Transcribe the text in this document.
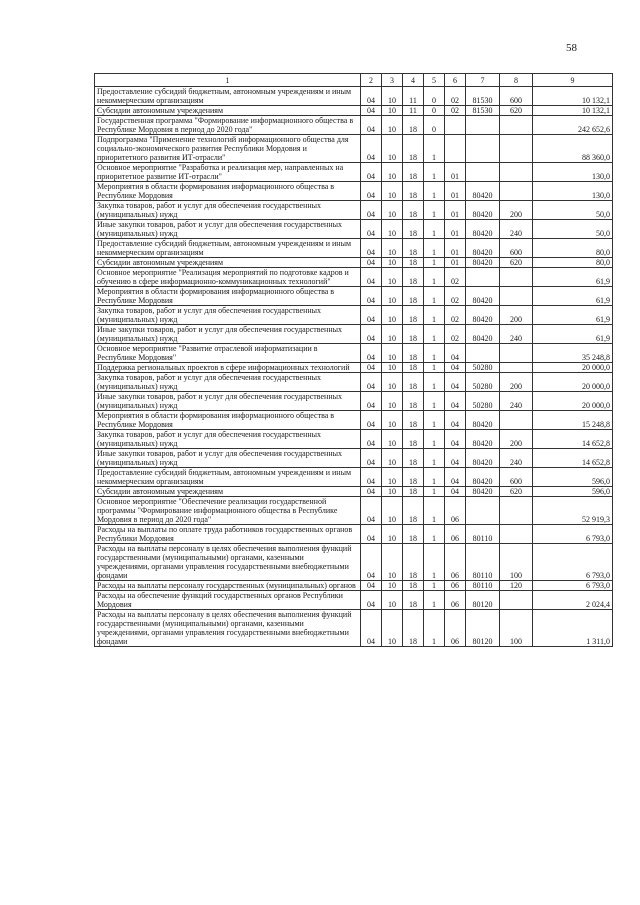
58
1	2	3	4	5	6	7	8	9
Предоставление субсидий бюджетным, автономным учреждениям и иным некоммерческим организациям	04	10	11	0	02	81530	600	10 132,1
Субсидии автономным учреждениям	04	10	11	0	02	81530	620	10 132,1
Государственная программа "Формирование информационного общества в Республике Мордовия в период до 2020 года"	04	10	18	0				242 652,6
Подпрограмма "Применение технологий информационного общества для социально-экономического развития Республики Мордовия и приоритетного развития ИТ-отрасли"	04	10	18	1				88 360,0
Основное мероприятие "Разработка и реализация мер, направленных на приоритетное развитие ИТ-отрасли"	04	10	18	1	01			130,0
Мероприятия в области формирования информационного общества в Республике Мордовия	04	10	18	1	01	80420		130,0
Закупка товаров, работ и услуг для обеспечения государственных (муниципальных) нужд	04	10	18	1	01	80420	200	50,0
Иные закупки товаров, работ и услуг для обеспечения государственных (муниципальных) нужд	04	10	18	1	01	80420	240	50,0
Предоставление субсидий бюджетным, автономным учреждениям и иным некоммерческим организациям	04	10	18	1	01	80420	600	80,0
Субсидии автономным учреждениям	04	10	18	1	01	80420	620	80,0
Основное мероприятие "Реализация мероприятий по подготовке кадров и обучению в сфере информационно-коммуникационных технологий"	04	10	18	1	02			61,9
Мероприятия в области формирования информационного общества в Республике Мордовия	04	10	18	1	02	80420		61,9
Закупка товаров, работ и услуг для обеспечения государственных (муниципальных) нужд	04	10	18	1	02	80420	200	61,9
Иные закупки товаров, работ и услуг для обеспечения государственных (муниципальных) нужд	04	10	18	1	02	80420	240	61,9
Основное мероприятие "Развитие отраслевой информатизации в Республике Мордовия"	04	10	18	1	04			35 248,8
Поддержка региональных проектов в сфере информационных технологий	04	10	18	1	04	50280		20 000,0
Закупка товаров, работ и услуг для обеспечения государственных (муниципальных) нужд	04	10	18	1	04	50280	200	20 000,0
Иные закупки товаров, работ и услуг для обеспечения государственных (муниципальных) нужд	04	10	18	1	04	50280	240	20 000,0
Мероприятия в области формирования информационного общества в Республике Мордовия	04	10	18	1	04	80420		15 248,8
Закупка товаров, работ и услуг для обеспечения государственных (муниципальных) нужд	04	10	18	1	04	80420	200	14 652,8
Иные закупки товаров, работ и услуг для обеспечения государственных (муниципальных) нужд	04	10	18	1	04	80420	240	14 652,8
Предоставление субсидий бюджетным, автономным учреждениям и иным некоммерческим организациям	04	10	18	1	04	80420	600	596,0
Субсидии автономным учреждениям	04	10	18	1	04	80420	620	596,0
Основное мероприятие "Обеспечение реализации государственной программы "Формирование информационного общества в Республике Мордовия в период до 2020 года"	04	10	18	1	06			52 919,3
Расходы на выплаты по оплате труда работников государственных органов Республики Мордовия	04	10	18	1	06	80110		6 793,0
Расходы на выплаты персоналу в целях обеспечения выполнения функций государственными (муниципальными) органами, казенными учреждениями, органами управления государственными внебюджетными фондами	04	10	18	1	06	80110	100	6 793,0
Расходы на выплаты персоналу государственных (муниципальных) органов	04	10	18	1	06	80110	120	6 793,0
Расходы на обеспечение функций государственных органов Республики Мордовия	04	10	18	1	06	80120		2 024,4
Расходы на выплаты персоналу в целях обеспечения выполнения функций государственными (муниципальными) органами, казенными учреждениями, органами управления государственными внебюджетными фондами	04	10	18	1	06	80120	100	1 311,0
